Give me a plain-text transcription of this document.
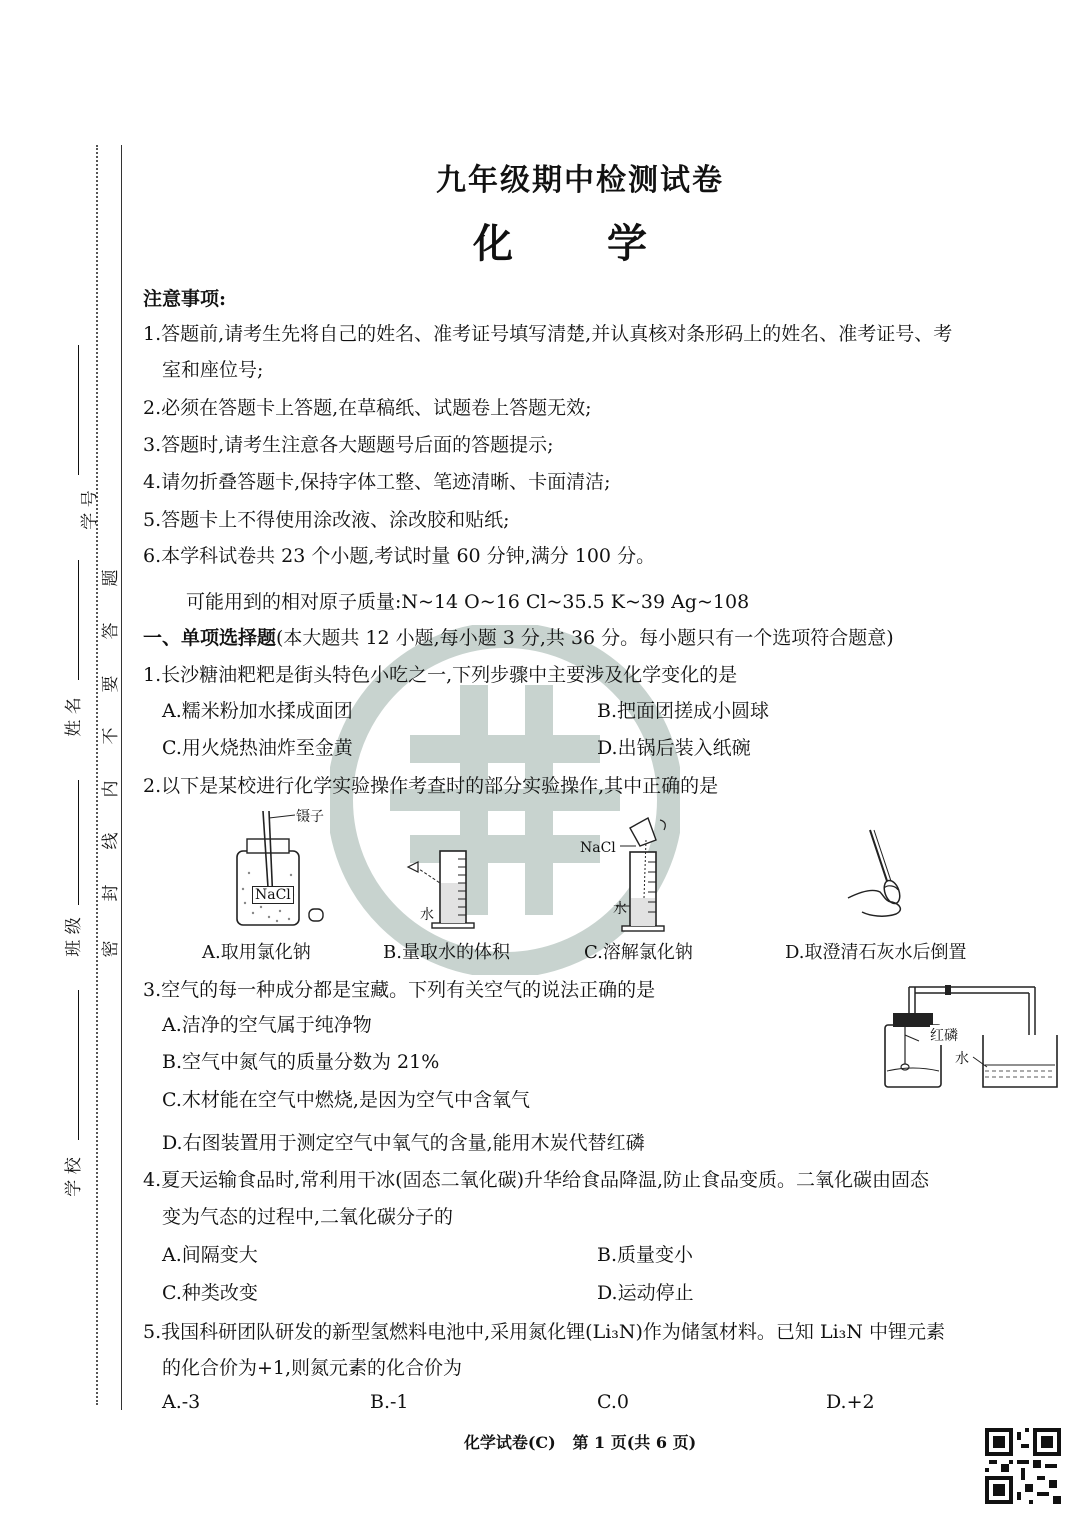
密
封
线
内
不
要
答
题
学 号
姓 名
班 级
学 校
九年级期中检测试卷
化 学
注意事项:
1.答题前,请考生先将自己的姓名、准考证号填写清楚,并认真核对条形码上的姓名、准考证号、考
室和座位号;
2.必须在答题卡上答题,在草稿纸、试题卷上答题无效;
3.答题时,请考生注意各大题题号后面的答题提示;
4.请勿折叠答题卡,保持字体工整、笔迹清晰、卡面清洁;
5.答题卡上不得使用涂改液、涂改胶和贴纸;
6.本学科试卷共 23 个小题,考试时量 60 分钟,满分 100 分。
可能用到的相对原子质量:N~14 O~16 Cl~35.5 K~39 Ag~108
一、单项选择题(本大题共 12 小题,每小题 3 分,共 36 分。每小题只有一个选项符合题意)
1.长沙糖油粑粑是街头特色小吃之一,下列步骤中主要涉及化学变化的是
A.糯米粉加水揉成面团	B.把面团搓成小圆球
C.用火烧热油炸至金黄	D.出锅后装入纸碗
2.以下是某校进行化学实验操作考查时的部分实验操作,其中正确的是
镊子
NaCl
水
NaCl
水
A.取用氯化钠	B.量取水的体积	C.溶解氯化钠	D.取澄清石灰水后倒置
3.空气的每一种成分都是宝藏。下列有关空气的说法正确的是
A.洁净的空气属于纯净物
B.空气中氮气的质量分数为 21%
C.木材能在空气中燃烧,是因为空气中含氧气
D.右图装置用于测定空气中氧气的含量,能用木炭代替红磷
红磷
水
4.夏天运输食品时,常利用干冰(固态二氧化碳)升华给食品降温,防止食品变质。二氧化碳由固态
变为气态的过程中,二氧化碳分子的
A.间隔变大	B.质量变小
C.种类改变	D.运动停止
5.我国科研团队研发的新型氢燃料电池中,采用氮化锂(Li₃N)作为储氢材料。已知 Li₃N 中锂元素
的化合价为+1,则氮元素的化合价为
A.-3	B.-1	C.0	D.+2
化学试卷(C)   第 1 页(共 6 页)
